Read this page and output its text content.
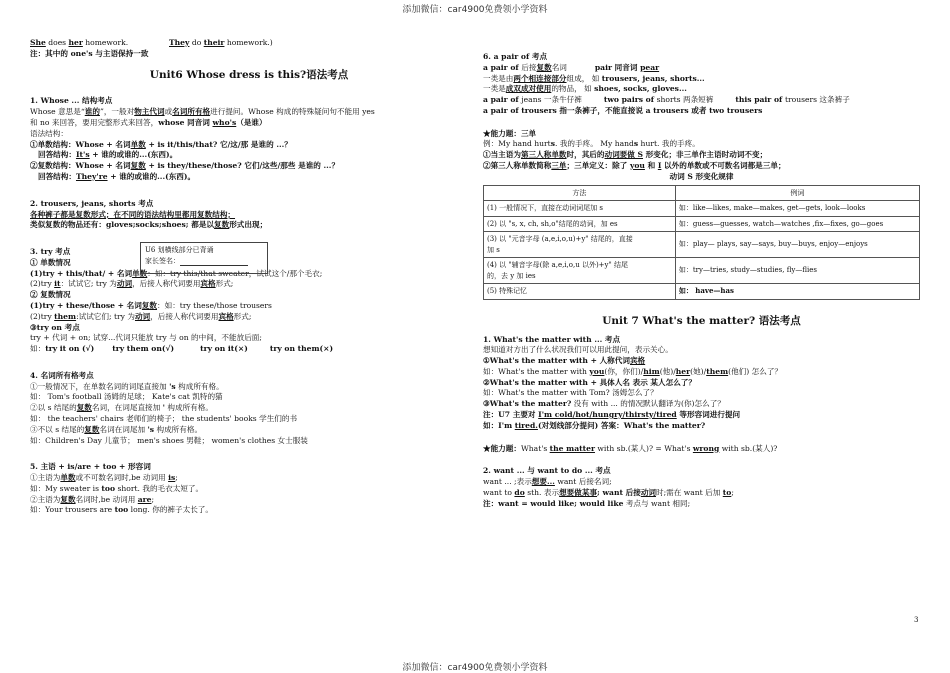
添加微信：car4900免费领小学资料
She does her homework.	They do their homework.)
注：其中的 one's 与主语保持一致
Unit6 Whose dress is this?语法考点
1. Whose ... 结构考点
Whose 意思是“谁的”，一般对物主代词或名词所有格进行提问。Whose 构成的特殊疑问句不能用 yes
和 no 来回答，要用完整形式来回答，whose 同音词 who's（是谁）
语法结构：
①单数结构：Whose + 名词单数 + is it/this/that? 它/这/那 是谁的 ...？
回答结构：It's + 谁的或谁的...(东西)。
②复数结构：Whose + 名词复数 + is they/these/those? 它们/这些/那些 是谁的 ...？
回答结构：They're + 谁的或谁的...(东西)。
2. trousers, jeans, shorts 考点
各种裤子都是复数形式；在不同的语法结构里都用复数结构；
类似复数的物品还有：gloves;socks;shoes; 都是以复数形式出现；
3. try 考点
① 单数情况
(1)try + this/that/ + 名词单数：如：try this/that sweater，试试这个/那个毛衣;
(2)try it：试试它; try 为动词，后接人称代词要用宾格形式;
② 复数情况
(1)try + these/those + 名词复数：如：try these/those trousers
(2)try them:试试它们; try 为动词，后接人称代词要用宾格形式;
③try on 考点
try + 代词 + on; 试穿...代词只能放 try 与 on 的中间，不能放后面;
如：try it on (√) try them on(√)	try on it(×)	try on them(×)
4. 名词所有格考点
①一般情况下，在单数名词的词尾直接加 's 构成所有格。
如： Tom's football 汤姆的足球； Kate's cat 凯特的猫
②以 s 结尾的复数名词，在词尾直接加 ' 构成所有格。
如： the teachers' chairs 老师们的椅子； the students' books 学生们的书
③不以 s 结尾的复数名词在词尾加 's 构成所有格。
如：Children's Day 儿童节； men's shoes 男鞋； women's clothes 女士服装
5. 主语 + is/are + too + 形容词
①主语为单数或不可数名词时,be 动词用 is;
如：My sweater is too short. 我的毛衣太短了。
②主语为复数名词时,be 动词用 are;
如：Your trousers are too long. 你的裤子太长了。
U6 划横线部分已背诵
家长签名：
6. a pair of 考点
a pair of 后接复数名词	pair 同音词 pear
一类是由两个相连接部分组成， 如 trousers, jeans, shorts...
一类是成双成对使用的物品， 如 shoes, socks, gloves...
a pair of jeans 一条牛仔裤	two pairs of shorts 两条短裤	this pair of trousers 这条裤子
a pair of trousers 指一条裤子，不能直接说 a trousers 或者 two trousers
★能力题：三单
例：My hand hurts. 我的手疼。 My hands hurt. 我的手疼。
①当主语为第三人称单数时，其后的动词要做 S 形变化；非三单作主语时动词不变；
②第三人称单数简称三单；三单定义：除了 you 和 I 以外的单数或不可数名词都是三单；
动词 S 形变化规律
方法	例词
(1) 一般情况下，直接在动词词尾加 s	如：like—likes, make—makes, get—gets, look—looks
(2) 以 "s, x, ch, sh,o"结尾的动词，加 es	如：guess—guesses, watch—watches ,fix—fixes, go—goes

(3) 以 "元音字母 (a,e,i,o,u)+y" 结尾的，直接
加 s	如：play— plays, say—says, buy—buys, enjoy—enjoys

(4) 以 "辅音字母(除 a,e,i,o,u 以外)+y" 结尾
的，去 y 加 ies	如：try—tries, study—studies, fly—flies
(5) 特殊记忆	如： have—has
Unit 7 What's the matter? 语法考点
1. What's the matter with ... 考点
想知道对方出了什么状况我们可以用此提问，表示关心。
①What's the matter with + 人称代词宾格
如：What's the matter with you(你，你们)/him(他)/her(她)/them(他们) 怎么了？
②What's the matter with + 具体人名 表示 某人怎么了？
如：What's the matter with Tom? 汤姆怎么了？
③What's the matter? 没有 with ... 的情况默认翻译为(你)怎么了？
注：U7 主要对 I'm cold/hot/hungry/thirsty/tired 等形容词进行提问
如：I'm tired.(对划线部分提问) 答案：What's the matter?
★能力题：What's the matter with sb.(某人)? = What's wrong with sb.(某人)?
2. want ... 与 want to do ... 考点
want ... ;表示想要... want 后接名词;
want to do sth. 表示想要做某事; want 后接动词时;需在 want 后加 to;
注：want = would like; would like 考点与 want 相同;
3
添加微信：car4900免费领小学资料
